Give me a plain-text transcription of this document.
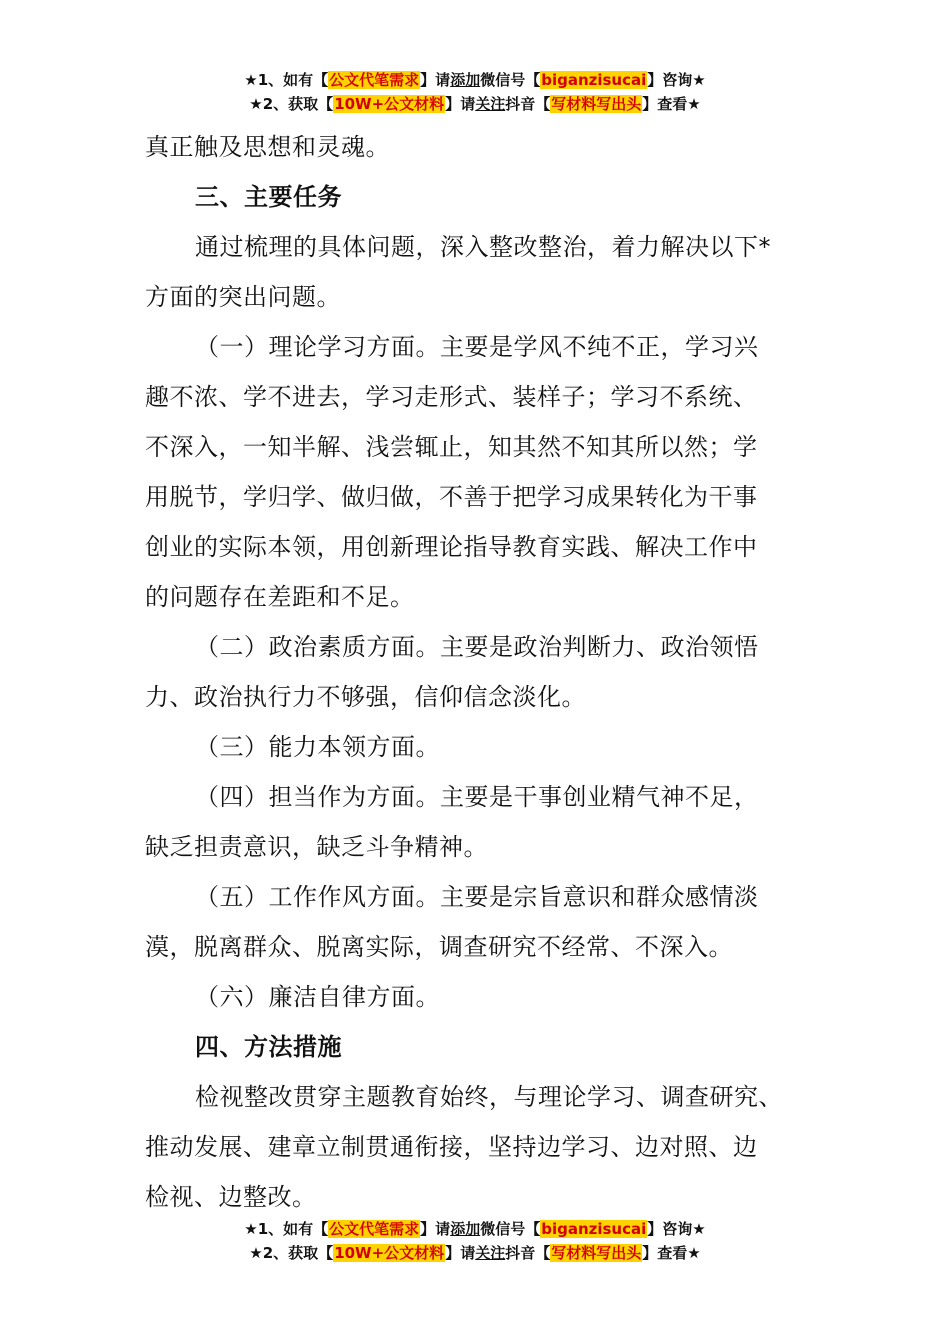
★1、如有【公文代笔需求】请添加微信号【biganzisucai】咨询★
★2、获取【10W+公文材料】请关注抖音【写材料写出头】查看★
真正触及思想和灵魂。
三、主要任务
通过梳理的具体问题，深入整改整治，着力解决以下*
方面的突出问题。
（一）理论学习方面。主要是学风不纯不正，学习兴
趣不浓、学不进去，学习走形式、装样子；学习不系统、
不深入，一知半解、浅尝辄止，知其然不知其所以然；学
用脱节，学归学、做归做，不善于把学习成果转化为干事
创业的实际本领，用创新理论指导教育实践、解决工作中
的问题存在差距和不足。
（二）政治素质方面。主要是政治判断力、政治领悟
力、政治执行力不够强，信仰信念淡化。
（三）能力本领方面。
（四）担当作为方面。主要是干事创业精气神不足，
缺乏担责意识，缺乏斗争精神。
（五）工作作风方面。主要是宗旨意识和群众感情淡
漠，脱离群众、脱离实际，调查研究不经常、不深入。
（六）廉洁自律方面。
四、方法措施
检视整改贯穿主题教育始终，与理论学习、调查研究、
推动发展、建章立制贯通衔接，坚持边学习、边对照、边
检视、边整改。
★1、如有【公文代笔需求】请添加微信号【biganzisucai】咨询★
★2、获取【10W+公文材料】请关注抖音【写材料写出头】查看★
